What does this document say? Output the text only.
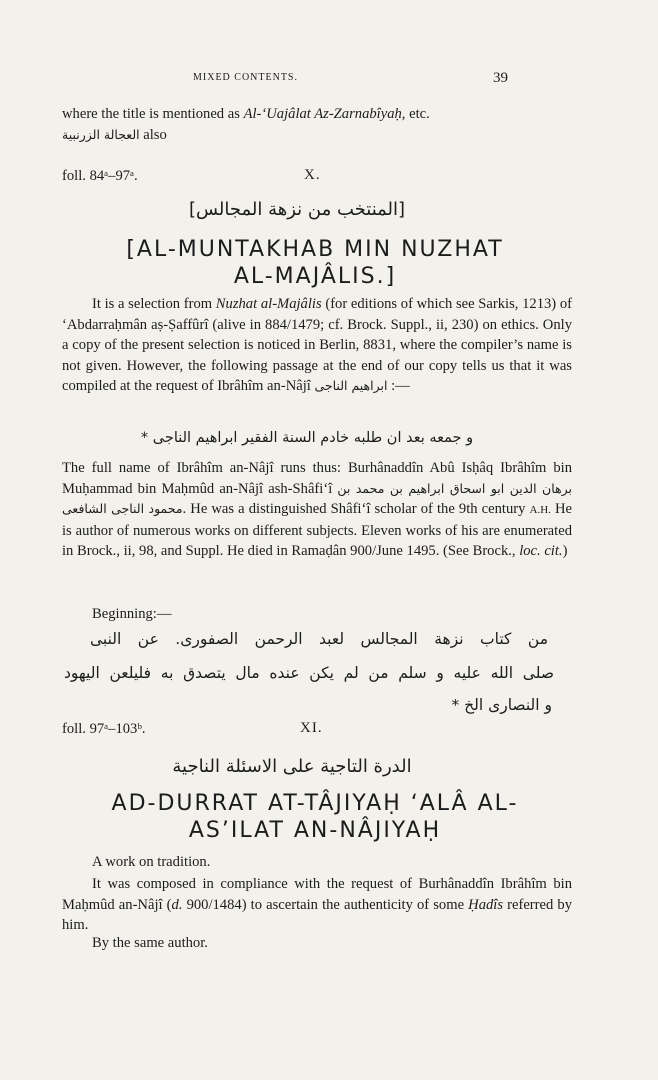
MIXED CONTENTS.	39

where the title is mentioned as Al-‘Uajâlat Az-Zarnabîyaḥ, etc.

العجالة الزرنبية also

foll. 84ᵃ–97ᵃ.	X.
[المنتخب من نزهة المجالس]
[AL-MUNTAKHAB MIN NUZHAT
AL-MAJÂLIS.]
It is a selection from Nuzhat al-Majâlis (for editions of which see Sarkis, 1213) of ‘Abdarraḥmân aṣ-Ṣaffûrî (alive in 884/1479; cf. Brock. Suppl., ii, 230) on ethics. Only a copy of the present selection is noticed in Berlin, 8831, where the compiler’s name is not given. However, the following passage at the end of our copy tells us that it was compiled at the request of Ibrâhîm an-Nâjî ابراهيم الناجى :—
و جمعه بعد ان طلبه خادم السنة الفقير ابراهيم الناجى *
The full name of Ibrâhîm an-Nâjî runs thus: Burhânaddîn Abû Isḥâq Ibrâhîm bin Muḥammad bin Maḥmûd an-Nâjî ash-Shâfi‘î برهان الدين ابو اسحاق ابراهيم بن محمد بن محمود الناجى الشافعى. He was a distinguished Shâfi‘î scholar of the 9th century A.H. He is author of numerous works on different subjects. Eleven works of his are enumerated in Brock., ii, 98, and Suppl. He died in Ramaḍân 900/June 1495. (See Brock., loc. cit.)
Beginning:—
من كتاب نزهة المجالس لعبد الرحمن الصفورى. عن النبى
صلى الله عليه و سلم من لم يكن عنده مال يتصدق به فليلعن اليهود
و النصارى الخ *
foll. 97ᵃ–103ᵇ.	XI.
الدرة التاجية على الاسئلة الناجية
AD-DURRAT AT-TÂJIYAḤ ‘ALÂ AL-
AS’ILAT AN-NÂJIYAḤ
A work on tradition.
It was composed in compliance with the request of Burhânaddîn Ibrâhîm bin Maḥmûd an-Nâjî (d. 900/1484) to ascertain the authenticity of some Ḥadîs referred by him.
By the same author.
